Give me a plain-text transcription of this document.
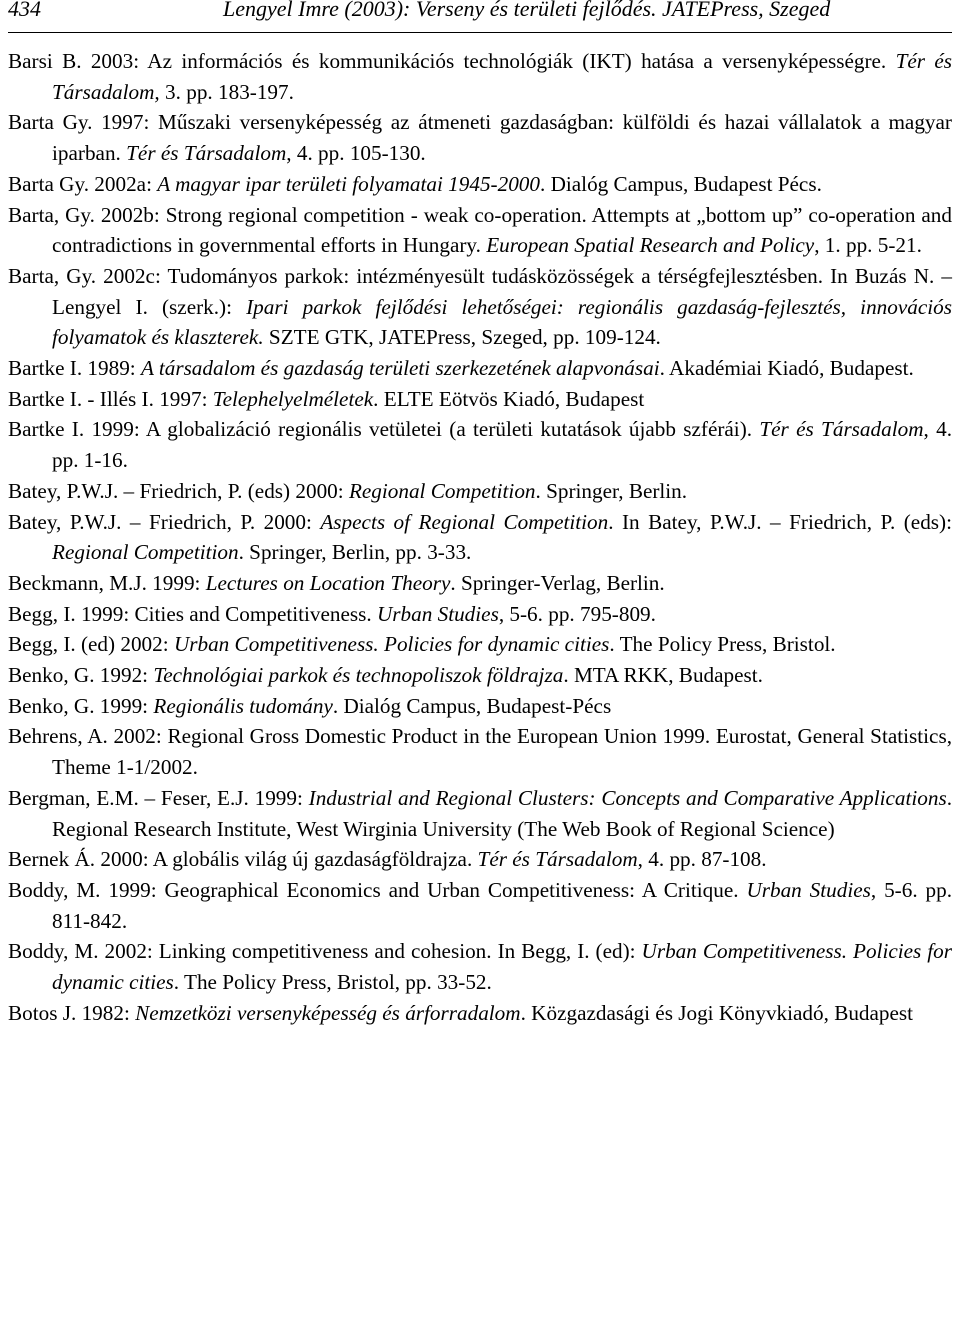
434	Lengyel Imre (2003): Verseny és területi fejlődés. JATEPress, Szeged

Barsi B. 2003: Az információs és kommunikációs technológiák (IKT) hatása a versenyképességre. Tér és Társadalom, 3. pp. 183-197.

Barta Gy. 1997: Műszaki versenyképesség az átmeneti gazdaságban: külföldi és hazai vállalatok a magyar iparban. Tér és Társadalom, 4. pp. 105-130.

Barta Gy. 2002a: A magyar ipar területi folyamatai 1945-2000. Dialóg Campus, Budapest Pécs.

Barta, Gy. 2002b: Strong regional competition - weak co-operation. Attempts at „bottom up” co-operation and contradictions in governmental efforts in Hungary. European Spatial Research and Policy, 1. pp. 5-21.

Barta, Gy. 2002c: Tudományos parkok: intézményesült tudásközösségek a térségfejlesztésben. In Buzás N. – Lengyel I. (szerk.): Ipari parkok fejlődési lehetőségei: regionális gazdaság-fejlesztés, innovációs folyamatok és klaszterek. SZTE GTK, JATEPress, Szeged, pp. 109-124.

Bartke I. 1989: A társadalom és gazdaság területi szerkezetének alapvonásai. Akadémiai Kiadó, Budapest.

Bartke I. - Illés I. 1997: Telephelyelméletek. ELTE Eötvös Kiadó, Budapest

Bartke I. 1999: A globalizáció regionális vetületei (a területi kutatások újabb szférái). Tér és Társadalom, 4. pp. 1-16.

Batey, P.W.J. – Friedrich, P. (eds) 2000: Regional Competition. Springer, Berlin.

Batey, P.W.J. – Friedrich, P. 2000: Aspects of Regional Competition. In Batey, P.W.J. – Friedrich, P. (eds): Regional Competition. Springer, Berlin, pp. 3-33.

Beckmann, M.J. 1999: Lectures on Location Theory. Springer-Verlag, Berlin.

Begg, I. 1999: Cities and Competitiveness. Urban Studies, 5-6. pp. 795-809.

Begg, I. (ed) 2002: Urban Competitiveness. Policies for dynamic cities. The Policy Press, Bristol.

Benko, G. 1992: Technológiai parkok és technopoliszok földrajza. MTA RKK, Budapest.

Benko, G. 1999: Regionális tudomány. Dialóg Campus, Budapest-Pécs

Behrens, A. 2002: Regional Gross Domestic Product in the European Union 1999. Eurostat, General Statistics, Theme 1-1/2002.

Bergman, E.M. – Feser, E.J. 1999: Industrial and Regional Clusters: Concepts and Comparative Applications. Regional Research Institute, West Wirginia University (The Web Book of Regional Science)

Bernek Á. 2000: A globális világ új gazdaságföldrajza. Tér és Társadalom, 4. pp. 87-108.

Boddy, M. 1999: Geographical Economics and Urban Competitiveness: A Critique. Urban Studies, 5-6. pp. 811-842.

Boddy, M. 2002: Linking competitiveness and cohesion. In Begg, I. (ed): Urban Competitiveness. Policies for dynamic cities. The Policy Press, Bristol, pp. 33-52.

Botos J. 1982: Nemzetközi versenyképesség és árforradalom. Közgazdasági és Jogi Könyvkiadó, Budapest
